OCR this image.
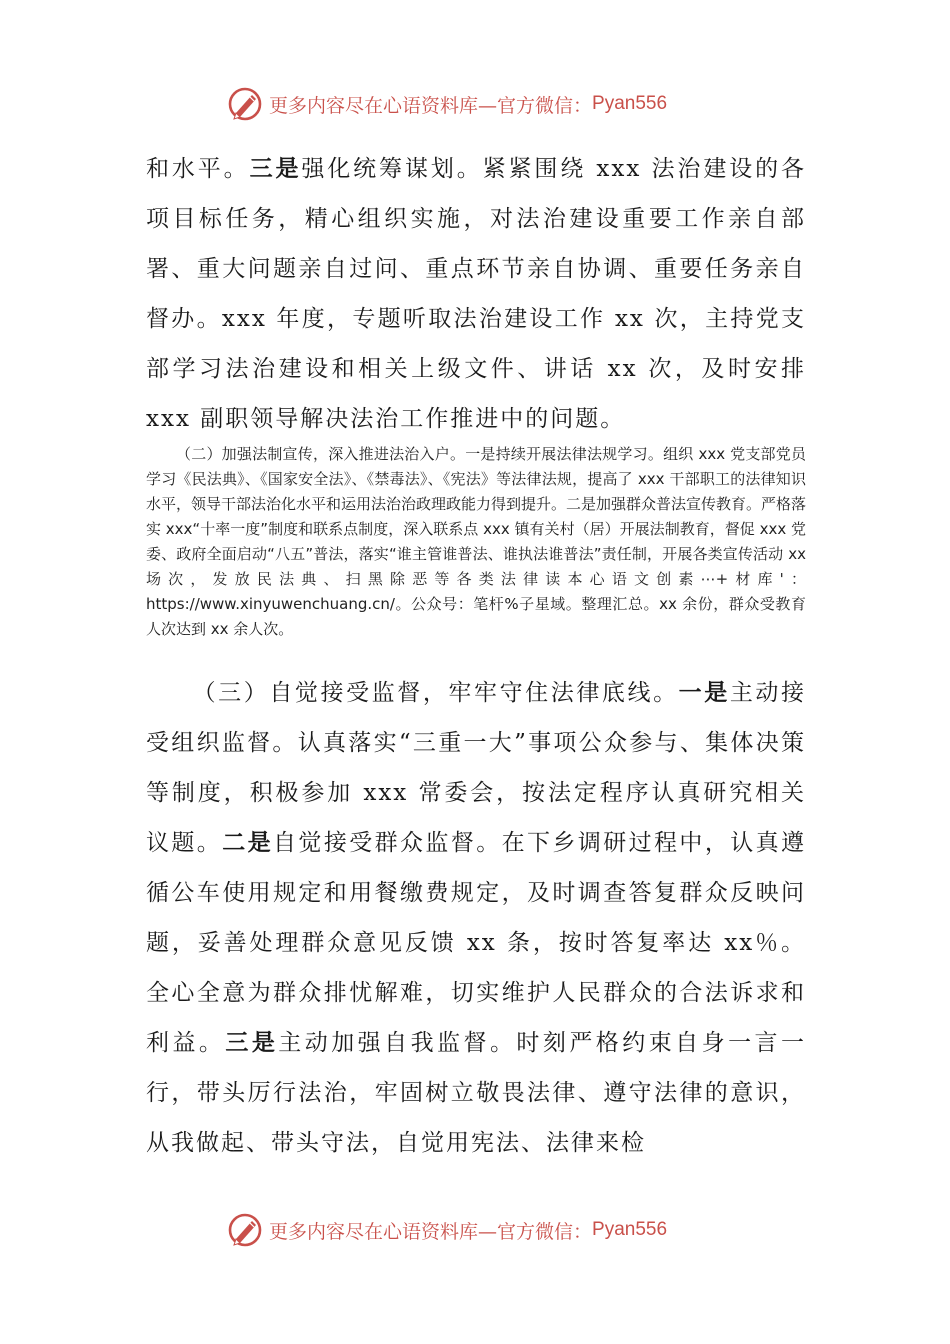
更多内容尽在心语资料库—官方微信： Pyan556

和水平。三是强化统筹谋划。紧紧围绕 xxx 法治建设的各项目标任务，精心组织实施，对法治建设重要工作亲自部署、重大问题亲自过问、重点环节亲自协调、重要任务亲自督办。xxx 年度，专题听取法治建设工作 xx 次，主持党支部学习法治建设和相关上级文件、讲话 xx 次，及时安排 xxx 副职领导解决法治工作推进中的问题。

（二）加强法制宣传，深入推进法治入户。一是持续开展法律法规学习。组织 xxx 党支部党员学习《民法典》、《国家安全法》、《禁毒法》、《宪法》等法律法规，提高了 xxx 干部职工的法律知识水平，领导干部法治化水平和运用法治治政理政能力得到提升。二是加强群众普法宣传教育。严格落实 xxx“十率一度”制度和联系点制度，深入联系点 xxx 镇有关村（居）开展法制教育，督促 xxx 党委、政府全面启动“八五”普法，落实“谁主管谁普法、谁执法谁普法”责任制，开展各类宣传活动 xx 场次，发放民法典、扫黑除恶等各类法律读本心语文创素⋯+材库'：https://www.xinyuwenchuang.cn/。公众号：笔杆%子星域。整理汇总。xx 余份，群众受教育人次达到 xx 余人次。

（三）自觉接受监督，牢牢守住法律底线。一是主动接受组织监督。认真落实“三重一大”事项公众参与、集体决策等制度，积极参加 xxx 常委会，按法定程序认真研究相关议题。二是自觉接受群众监督。在下乡调研过程中，认真遵循公车使用规定和用餐缴费规定，及时调查答复群众反映问题，妥善处理群众意见反馈 xx 条，按时答复率达 xx％。全心全意为群众排忧解难，切实维护人民群众的合法诉求和利益。三是主动加强自我监督。时刻严格约束自身一言一行，带头厉行法治，牢固树立敬畏法律、遵守法律的意识，从我做起、带头守法，自觉用宪法、法律来检

更多内容尽在心语资料库—官方微信： Pyan556
